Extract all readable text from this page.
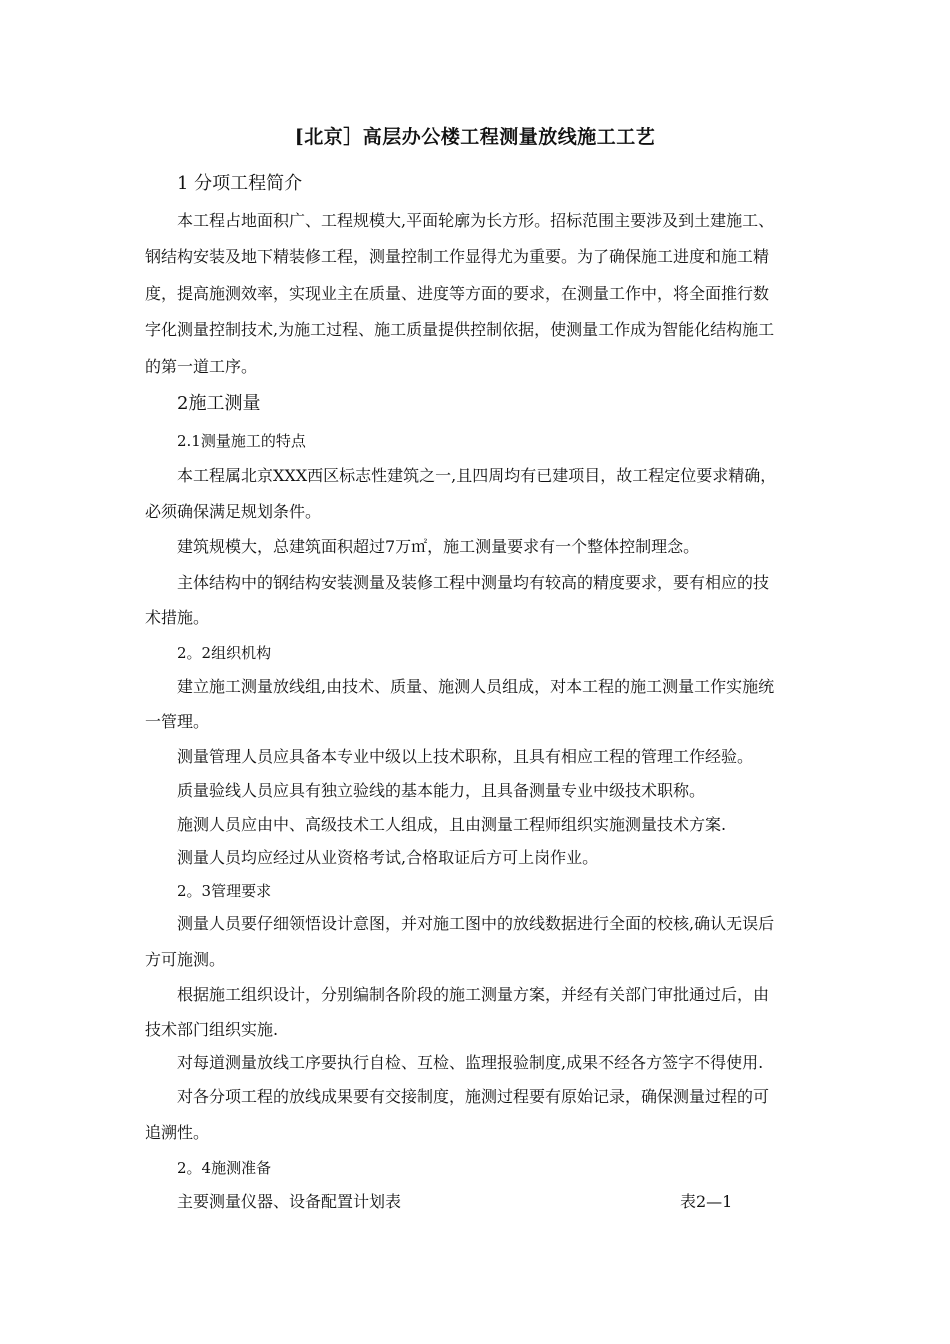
[北京］高层办公楼工程测量放线施工工艺
1 分项工程简介
本工程占地面积广、工程规模大,平面轮廓为长方形。招标范围主要涉及到土建施工、
钢结构安装及地下精装修工程，测量控制工作显得尤为重要。为了确保施工进度和施工精
度，提高施测效率，实现业主在质量、进度等方面的要求，在测量工作中，将全面推行数
字化测量控制技术,为施工过程、施工质量提供控制依据，使测量工作成为智能化结构施工
的第一道工序。
2施工测量
2.1测量施工的特点
本工程属北京XXX西区标志性建筑之一,且四周均有已建项目，故工程定位要求精确，
必须确保满足规划条件。
建筑规模大，总建筑面积超过7万㎡，施工测量要求有一个整体控制理念。
主体结构中的钢结构安装测量及装修工程中测量均有较高的精度要求，要有相应的技
术措施。
2。2组织机构
建立施工测量放线组,由技术、质量、施测人员组成，对本工程的施工测量工作实施统
一管理。
测量管理人员应具备本专业中级以上技术职称，且具有相应工程的管理工作经验。
质量验线人员应具有独立验线的基本能力，且具备测量专业中级技术职称。
施测人员应由中、高级技术工人组成，且由测量工程师组织实施测量技术方案.
测量人员均应经过从业资格考试,合格取证后方可上岗作业。
2。3管理要求
测量人员要仔细领悟设计意图，并对施工图中的放线数据进行全面的校核,确认无误后
方可施测。
根据施工组织设计，分别编制各阶段的施工测量方案，并经有关部门审批通过后，由
技术部门组织实施.
对每道测量放线工序要执行自检、互检、监理报验制度,成果不经各方签字不得使用.
对各分项工程的放线成果要有交接制度，施测过程要有原始记录，确保测量过程的可
追溯性。
2。4施测准备
主要测量仪器、设备配置计划表	表2—1
